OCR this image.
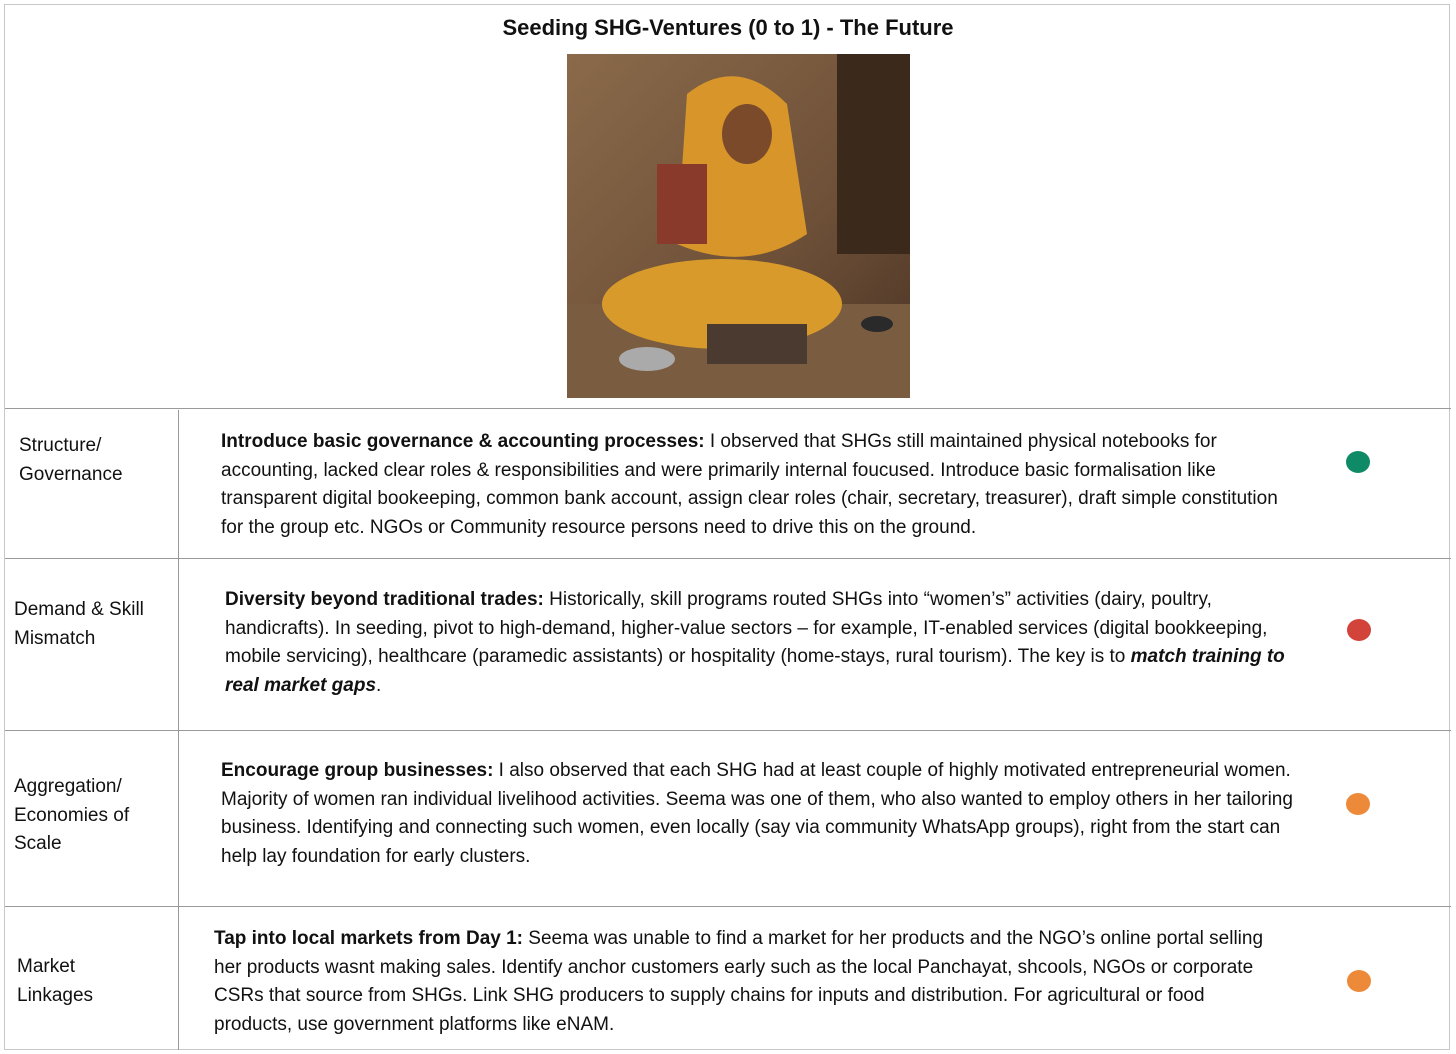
Seeding SHG-Ventures (0 to 1) - The Future
Structure/
Governance
Introduce basic governance & accounting processes: I observed that SHGs still maintained physical notebooks for accounting, lacked clear roles & responsibilities and were primarily internal foucused. Introduce basic formalisation like transparent digital bookeeping, common bank account, assign clear roles (chair, secretary, treasurer), draft simple constitution for the group etc. NGOs or Community resource persons need to drive this on the ground.
Demand & Skill
Mismatch
Diversity beyond traditional trades: Historically, skill programs routed SHGs into “women’s” activities (dairy, poultry, handicrafts). In seeding, pivot to high-demand, higher-value sectors – for example, IT-enabled services (digital bookkeeping, mobile servicing), healthcare (paramedic assistants) or hospitality (home-stays, rural tourism). The key is to match training to real market gaps.
Aggregation/
Economies of
Scale
Encourage group businesses: I also observed that each SHG had at least couple of highly motivated entrepreneurial women. Majority of women ran individual livelihood activities. Seema was one of them, who also wanted to employ others in her tailoring business. Identifying and connecting such women, even locally (say via community WhatsApp groups), right from the start can help lay foundation for early clusters.
Market
Linkages
Tap into local markets from Day 1: Seema was unable to find a market for her products and the NGO’s online portal selling her products wasnt making sales. Identify anchor customers early such as the local Panchayat, shcools, NGOs or corporate CSRs that source from SHGs. Link SHG producers to supply chains for inputs and distribution. For agricultural or food products, use government platforms like eNAM.
